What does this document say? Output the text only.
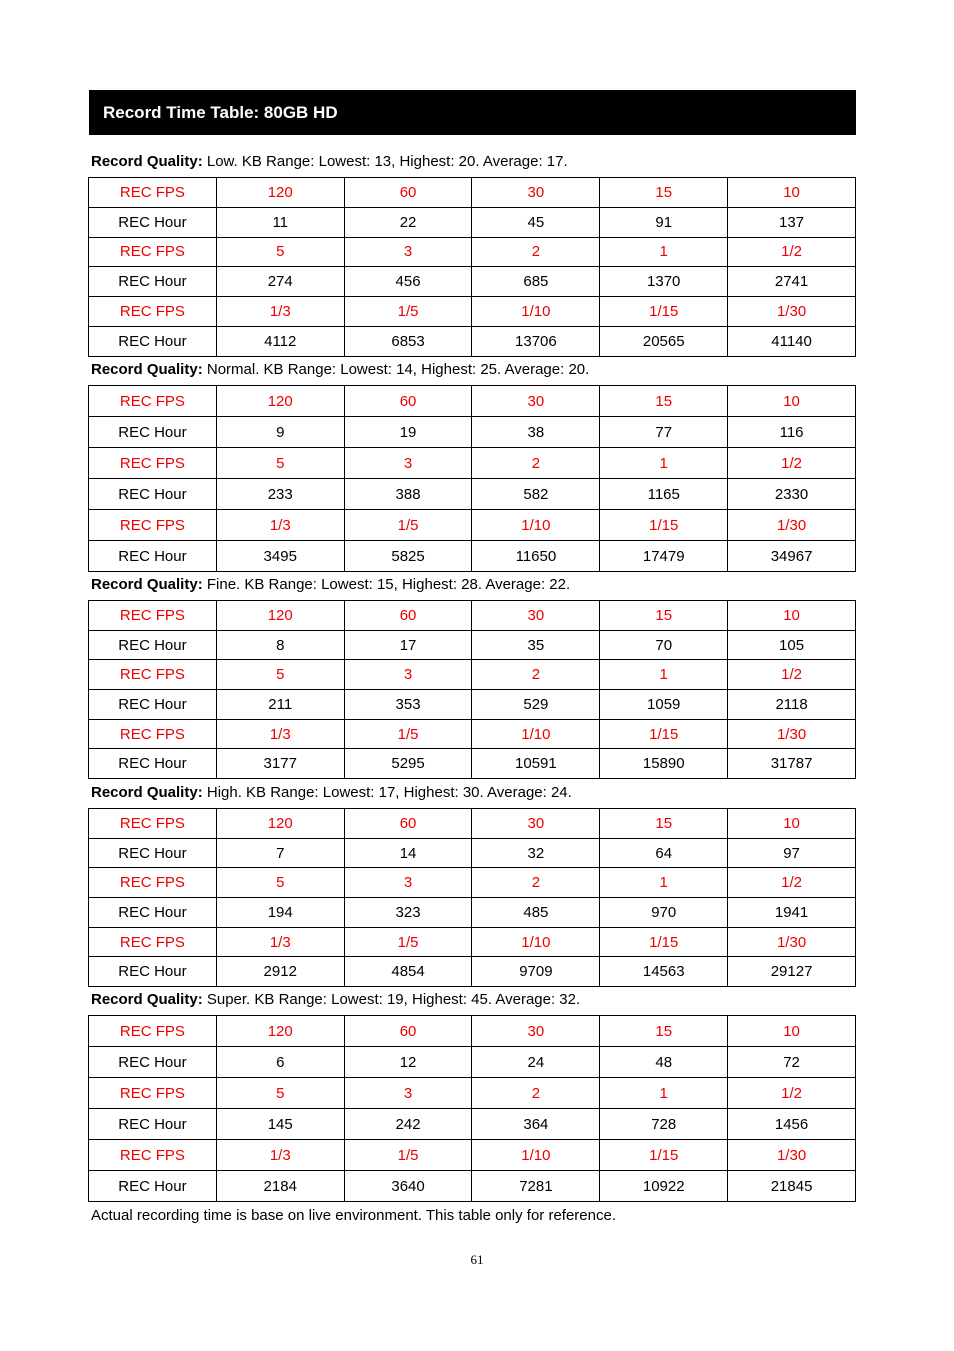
Record Time Table: 80GB HD
Record Quality: Low. KB Range: Lowest: 13, Highest: 20. Average: 17.
REC FPS	120	60	30	15	10
REC Hour	11	22	45	91	137
REC FPS	5	3	2	1	1/2
REC Hour	274	456	685	1370	2741
REC FPS	1/3	1/5	1/10	1/15	1/30
REC Hour	4112	6853	13706	20565	41140
Record Quality: Normal. KB Range: Lowest: 14, Highest: 25. Average: 20.
REC FPS	120	60	30	15	10
REC Hour	9	19	38	77	116
REC FPS	5	3	2	1	1/2
REC Hour	233	388	582	1165	2330
REC FPS	1/3	1/5	1/10	1/15	1/30
REC Hour	3495	5825	11650	17479	34967
Record Quality: Fine. KB Range: Lowest: 15, Highest: 28. Average: 22.
REC FPS	120	60	30	15	10
REC Hour	8	17	35	70	105
REC FPS	5	3	2	1	1/2
REC Hour	211	353	529	1059	2118
REC FPS	1/3	1/5	1/10	1/15	1/30
REC Hour	3177	5295	10591	15890	31787
Record Quality: High. KB Range: Lowest: 17, Highest: 30. Average: 24.
REC FPS	120	60	30	15	10
REC Hour	7	14	32	64	97
REC FPS	5	3	2	1	1/2
REC Hour	194	323	485	970	1941
REC FPS	1/3	1/5	1/10	1/15	1/30
REC Hour	2912	4854	9709	14563	29127
Record Quality: Super. KB Range: Lowest: 19, Highest: 45. Average: 32.
REC FPS	120	60	30	15	10
REC Hour	6	12	24	48	72
REC FPS	5	3	2	1	1/2
REC Hour	145	242	364	728	1456
REC FPS	1/3	1/5	1/10	1/15	1/30
REC Hour	2184	3640	7281	10922	21845
Actual recording time is base on live environment. This table only for reference.
61
